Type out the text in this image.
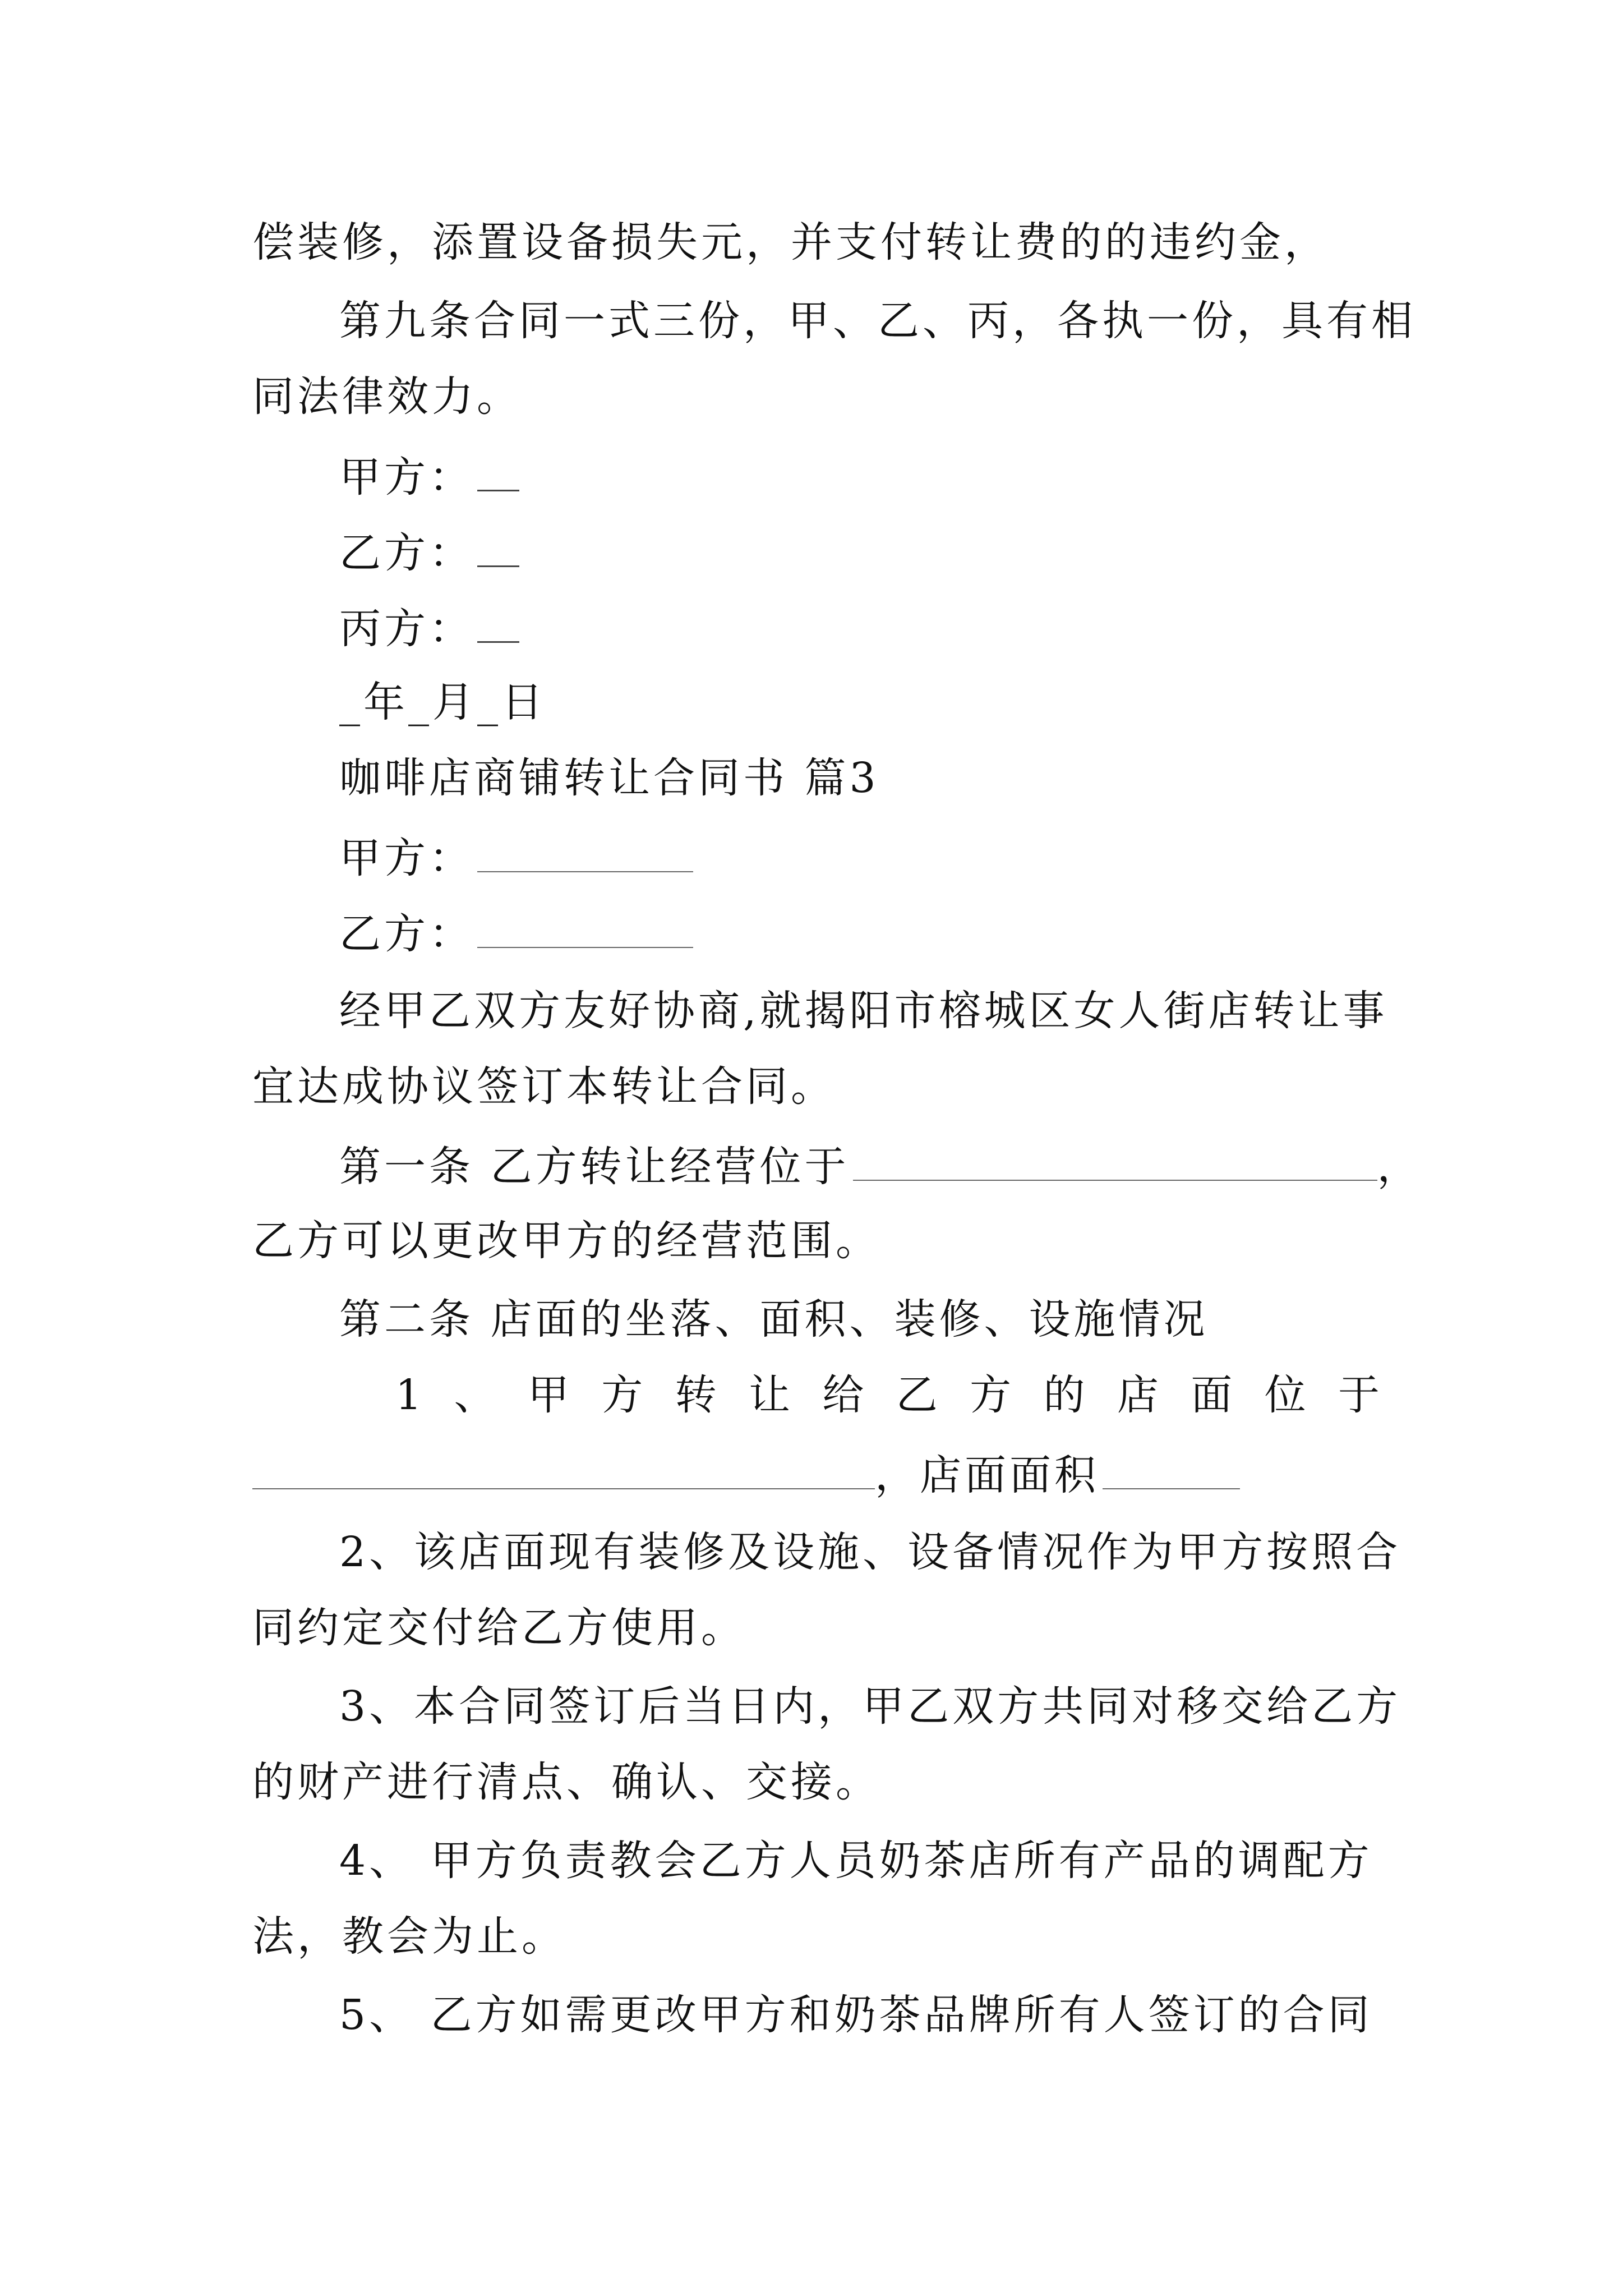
偿装修，添置设备损失元，并支付转让费的的违约金，
第九条合同一式三份，甲、乙、丙，各执一份，具有相
同法律效力。
甲方：
乙方：
丙方：
_年_月_日
咖啡店商铺转让合同书 篇3
甲方：
乙方：
经甲乙双方友好协商,就揭阳市榕城区女人街店转让事
宜达成协议签订本转让合同。
第一条 乙方转让经营位于	，
乙方可以更改甲方的经营范围。
第二条 店面的坐落、面积、装修、设施情况
1 、 甲 方 转 让 给 乙 方 的 店 面 位 于
，店面面积
2、该店面现有装修及设施、设备情况作为甲方按照合
同约定交付给乙方使用。
3、本合同签订后当日内，甲乙双方共同对移交给乙方
的财产进行清点、确认、交接。
4、 甲方负责教会乙方人员奶茶店所有产品的调配方
法，教会为止。
5、 乙方如需更改甲方和奶茶品牌所有人签订的合同
